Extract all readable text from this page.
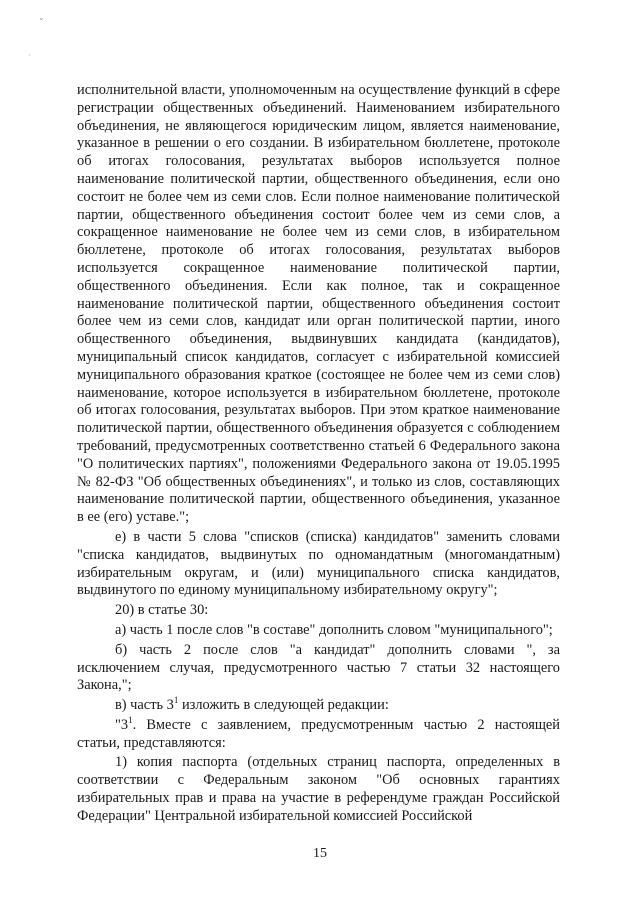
⌄
·

исполнительной власти, уполномоченным на осуществление функций в сфере регистрации общественных объединений. Наименованием избирательного объединения, не являющегося юридическим лицом, является наименование, указанное в решении о его создании. В избирательном бюллетене, протоколе об итогах голосования, результатах выборов используется полное наименование политической партии, общественного объединения, если оно состоит не более чем из семи слов. Если полное наименование политической партии, общественного объединения состоит более чем из семи слов, а сокращенное наименование не более чем из семи слов, в избирательном бюллетене, протоколе об итогах голосования, результатах выборов используется сокращенное наименование политической партии, общественного объединения. Если как полное, так и сокращенное наименование политической партии, общественного объединения состоит более чем из семи слов, кандидат или орган политической партии, иного общественного объединения, выдвинувших кандидата (кандидатов), муниципальный список кандидатов, согласует с избирательной комиссией муниципального образования краткое (состоящее не более чем из семи слов) наименование, которое используется в избирательном бюллетене, протоколе об итогах голосования, результатах выборов. При этом краткое наименование политической партии, общественного объединения образуется с соблюдением требований, предусмотренных соответственно статьей 6 Федерального закона "О политических партиях", положениями Федерального закона от 19.05.1995 № 82-ФЗ "Об общественных объединениях", и только из слов, составляющих наименование политической партии, общественного объединения, указанное в ее (его) уставе.";

е) в части 5 слова "списков (списка) кандидатов" заменить словами "списка кандидатов, выдвинутых по одномандатным (многомандатным) избирательным округам, и (или) муниципального списка кандидатов, выдвинутого по единому муниципальному избирательному округу";

20) в статье 30:

а) часть 1 после слов "в составе" дополнить словом "муниципального";

б) часть 2 после слов "а кандидат" дополнить словами ", за исключением случая, предусмотренного частью 7 статьи 32 настоящего Закона,";

в) часть $3^1$ изложить в следующей редакции:

"$3^1$. Вместе с заявлением, предусмотренным частью 2 настоящей статьи, представляются:

1) копия паспорта (отдельных страниц паспорта, определенных в соответствии с Федеральным законом "Об основных гарантиях избирательных прав и права на участие в референдуме граждан Российской Федерации" Центральной избирательной комиссией Российской

15
